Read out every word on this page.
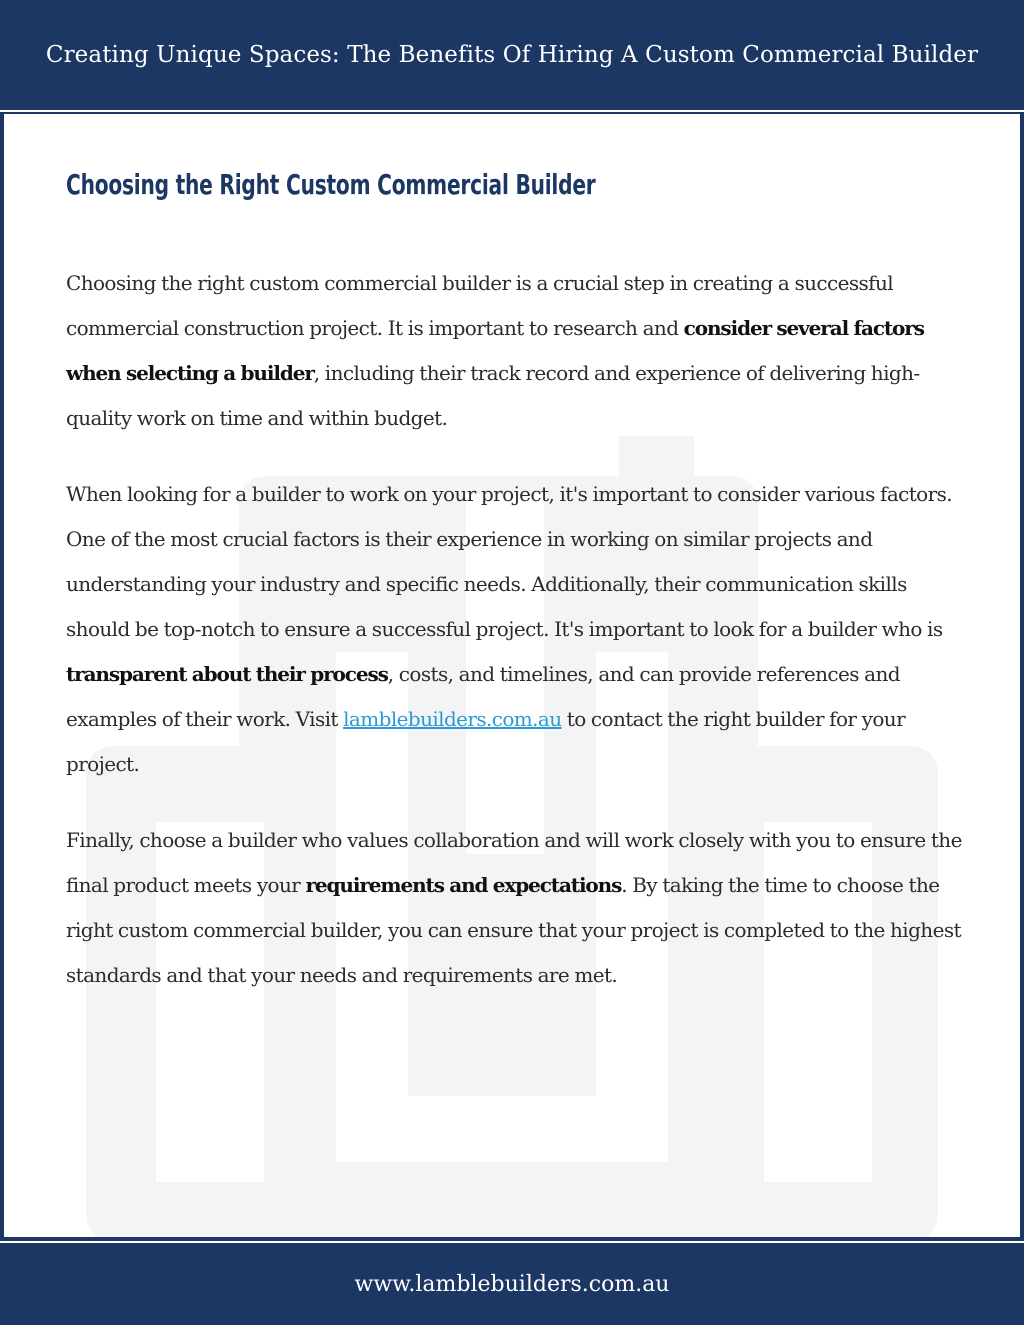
Creating Unique Spaces: The Benefits Of Hiring A Custom Commercial Builder
Choosing the Right Custom Commercial Builder

Choosing the right custom commercial builder is a crucial step in creating a successful commercial construction project. It is important to research and consider several factors when selecting a builder, including their track record and experience of delivering high-quality work on time and within budget.

When looking for a builder to work on your project, it's important to consider various factors. One of the most crucial factors is their experience in working on similar projects and understanding your industry and specific needs. Additionally, their communication skills should be top-notch to ensure a successful project. It's important to look for a builder who is transparent about their process, costs, and timelines, and can provide references and examples of their work. Visit lamblebuilders.com.au to contact the right builder for your project.

Finally, choose a builder who values collaboration and will work closely with you to ensure the final product meets your requirements and expectations. By taking the time to choose the right custom commercial builder, you can ensure that your project is completed to the highest standards and that your needs and requirements are met.

www.lamblebuilders.com.au
